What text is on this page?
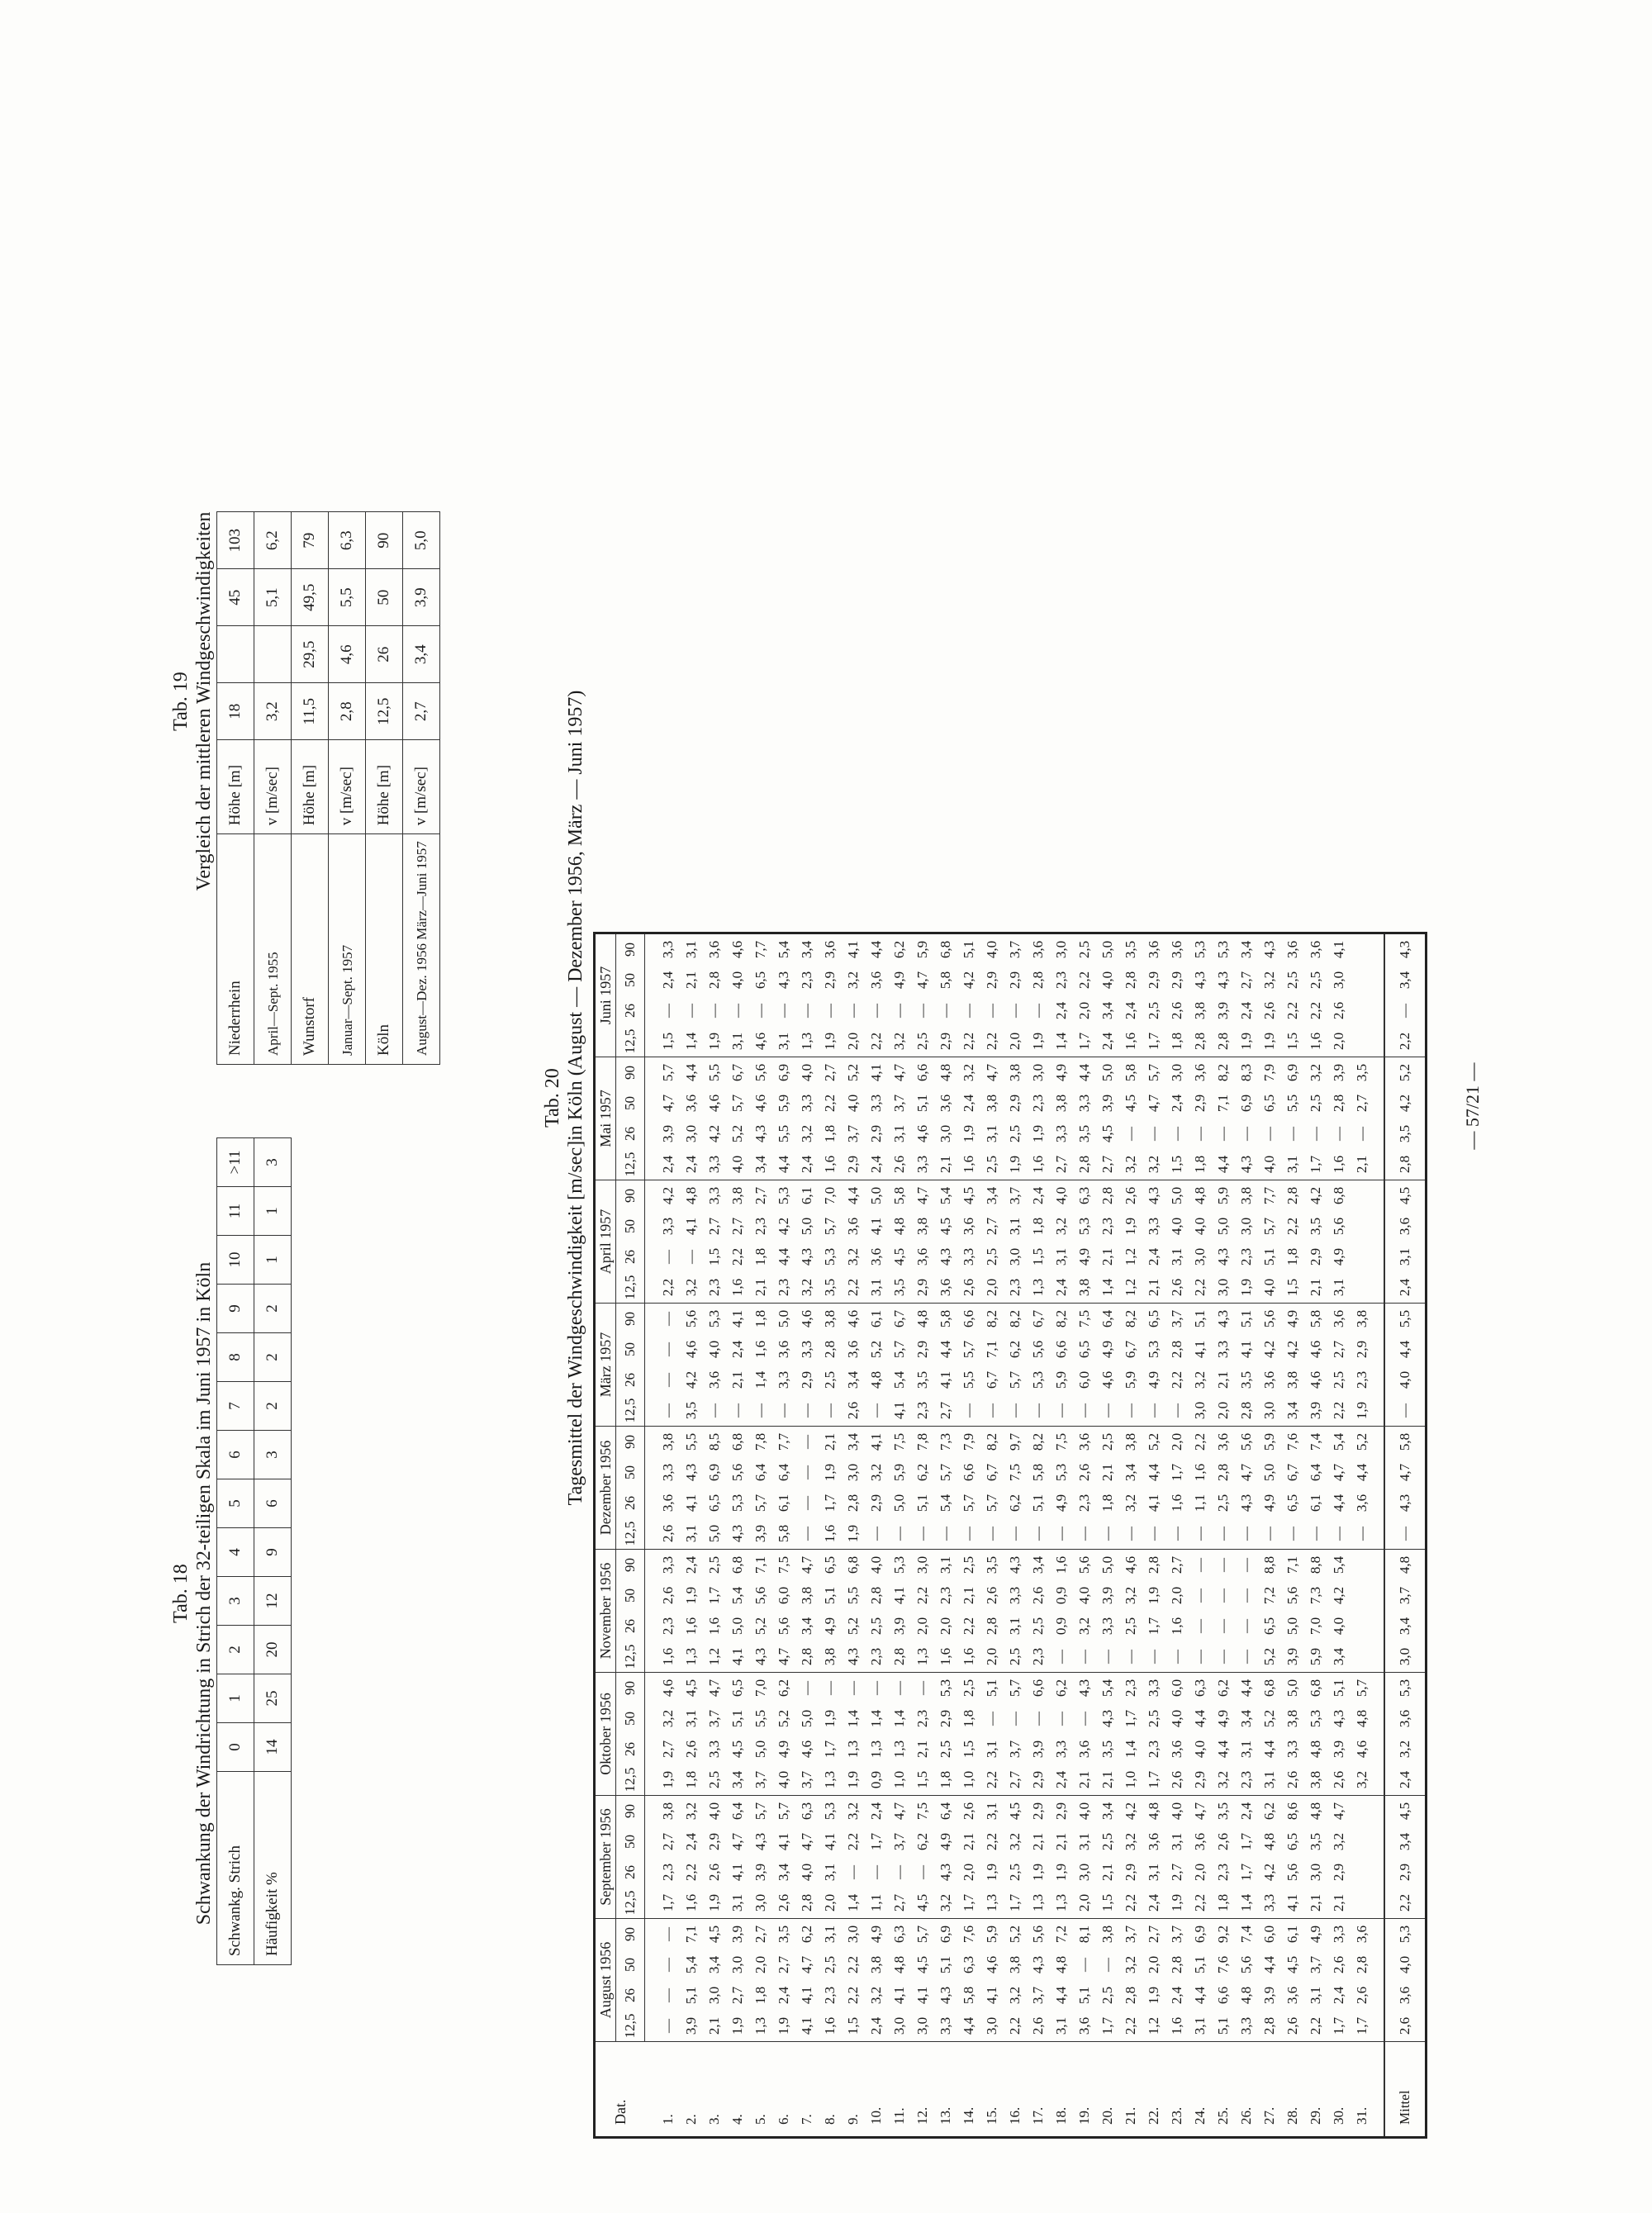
— 57/21 —
Tab. 18 Schwankung der Windrichtung in Strich der 32-teiligen Skala im Juni 1957 in Köln Schwankg. Strich	0	1	2	3	4	5	6	7	8	9	10	11	>11
Häufigkeit %	14	25	20	12	9	6	3	2	2	2	1	1	3
Tab. 19 Vergleich der mittleren Windgeschwindigkeiten
Niederrhein	Höhe [m]	18		45	103
April—Sept. 1955	v [m/sec]	3,2		5,1	6,2
Wunstorf	Höhe [m]	11,5	29,5	49,5	79
Januar—Sept. 1957	v [m/sec]	2,8	4,6	5,5	6,3
Köln	Höhe [m]	12,5	26	50	90
August—Dez. 1956 März—Juni 1957	v [m/sec]	2,7	3,4	3,9	5,0
Tab. 20 Tagesmittel der Windgeschwindigkeit [m/sec]in Köln (August — Dezember 1956, März — Juni 1957)
Dat.	August 1956				September 1956				Oktober 1956				November 1956				Dezember 1956				März 1957				April 1957				Mai 1957				Juni 1957			
	12,5	26	50	90	12,5	26	50	90	12,5	26	50	90	12,5	26	50	90	12,5	26	50	90	12,5	26	50	90	12,5	26	50	90	12,5	26	50	90	12,5	26	50	90
1.	—	—	—	—	1,7	2,3	2,7	3,8	1,9	2,7	3,2	4,6	1,6	2,3	2,6	3,3	2,6	3,6	3,3	3,8	—	—	—	—	2,2	—	3,3	4,2	2,4	3,9	4,7	5,7	1,5	—	2,4	3,3
2.	3,9	5,1	5,4	7,1	1,6	2,2	2,4	3,2	1,8	2,6	3,1	4,5	1,3	1,6	1,9	2,4	3,1	4,1	4,3	5,5	3,5	4,2	4,6	5,6	3,2	—	4,1	4,8	2,4	3,0	3,6	4,4	1,4	—	2,1	3,1
3.	2,1	3,0	3,4	4,5	1,9	2,6	2,9	4,0	2,5	3,3	3,7	4,7	1,2	1,6	1,7	2,5	5,0	6,5	6,9	8,5	—	3,6	4,0	5,3	2,3	1,5	2,7	3,3	3,3	4,2	4,6	5,5	1,9	—	2,8	3,6
4.	1,9	2,7	3,0	3,9	3,1	4,1	4,7	6,4	3,4	4,5	5,1	6,5	4,1	5,0	5,4	6,8	4,3	5,3	5,6	6,8	—	2,1	2,4	4,1	1,6	2,2	2,7	3,8	4,0	5,2	5,7	6,7	3,1	—	4,0	4,6
5.	1,3	1,8	2,0	2,7	3,0	3,9	4,3	5,7	3,7	5,0	5,5	7,0	4,3	5,2	5,6	7,1	3,9	5,7	6,4	7,8	—	1,4	1,6	1,8	2,1	1,8	2,3	2,7	3,4	4,3	4,6	5,6	4,6	—	6,5	7,7
6.	1,9	2,4	2,7	3,5	2,6	3,4	4,1	5,7	4,0	4,9	5,2	6,2	4,7	5,6	6,0	7,5	5,8	6,1	6,4	7,7	—	3,3	3,6	5,0	2,3	4,4	4,2	5,3	4,4	5,5	5,9	6,9	3,1	—	4,3	5,4
7.	4,1	4,1	4,7	6,2	2,8	4,0	4,7	6,3	3,7	4,6	5,0	—	2,8	3,4	3,8	4,7	—	—	—	—	—	2,9	3,3	4,6	3,2	4,3	5,0	6,1	2,4	3,2	3,3	4,0	1,3	—	2,3	3,4
8.	1,6	2,3	2,5	3,1	2,0	3,1	4,1	5,3	1,3	1,7	1,9	—	3,8	4,9	5,1	6,5	1,6	1,7	1,9	2,1	—	2,5	2,8	3,8	3,5	5,3	5,7	7,0	1,6	1,8	2,2	2,7	1,9	—	2,9	3,6
9.	1,5	2,2	2,2	3,0	1,4	—	2,2	3,2	1,9	1,3	1,4	—	4,3	5,2	5,5	6,8	1,9	2,8	3,0	3,4	2,6	3,4	3,6	4,6	2,2	3,2	3,6	4,4	2,9	3,7	4,0	5,2	2,0	—	3,2	4,1
10.	2,4	3,2	3,8	4,9	1,1	—	1,7	2,4	0,9	1,3	1,4	—	2,3	2,5	2,8	4,0	—	2,9	3,2	4,1	—	4,8	5,2	6,1	3,1	3,6	4,1	5,0	2,4	2,9	3,3	4,1	2,2	—	3,6	4,4
11.	3,0	4,1	4,8	6,3	2,7	—	3,7	4,7	1,0	1,3	1,4	—	2,8	3,9	4,1	5,3	—	5,0	5,9	7,5	4,1	5,4	5,7	6,7	3,5	4,5	4,8	5,8	2,6	3,1	3,7	4,7	3,2	—	4,9	6,2
12.	3,0	4,1	4,5	5,7	4,5	—	6,2	7,5	1,5	2,1	2,3	—	1,3	2,0	2,2	3,0	—	5,1	6,2	7,8	2,3	3,5	2,9	4,8	2,9	3,6	3,8	4,7	3,3	4,6	5,1	6,6	2,5	—	4,7	5,9
13.	3,3	4,3	5,1	6,9	3,2	4,3	4,9	6,4	1,8	2,5	2,9	5,3	1,6	2,0	2,3	3,1	—	5,4	5,7	7,3	2,7	4,1	4,4	5,8	3,6	4,3	4,5	5,4	2,1	3,0	3,6	4,8	2,9	—	5,8	6,8
14.	4,4	5,8	6,3	7,6	1,7	2,0	2,1	2,6	1,0	1,5	1,8	2,5	1,6	2,2	2,1	2,5	—	5,7	6,6	7,9	—	5,5	5,7	6,6	2,6	3,3	3,6	4,5	1,6	1,9	2,4	3,2	2,2	—	4,2	5,1
15.	3,0	4,1	4,6	5,9	1,3	1,9	2,2	3,1	2,2	3,1	—	5,1	2,0	2,8	2,6	3,5	—	5,7	6,7	8,2	—	6,7	7,1	8,2	2,0	2,5	2,7	3,4	2,5	3,1	3,8	4,7	2,2	—	2,9	4,0
16.	2,2	3,2	3,8	5,2	1,7	2,5	3,2	4,5	2,7	3,7	—	5,7	2,5	3,1	3,3	4,3	—	6,2	7,5	9,7	—	5,7	6,2	8,2	2,3	3,0	3,1	3,7	1,9	2,5	2,9	3,8	2,0	—	2,9	3,7
17.	2,6	3,7	4,3	5,6	1,3	1,9	2,1	2,9	2,9	3,9	—	6,6	2,3	2,5	2,6	3,4	—	5,1	5,8	8,2	—	5,3	5,6	6,7	1,3	1,5	1,8	2,4	1,6	1,9	2,3	3,0	1,9	—	2,8	3,6
18.	3,1	4,4	4,8	7,2	1,3	1,9	2,1	2,9	2,4	3,3	—	6,2	—	0,9	0,9	1,6	—	4,9	5,3	7,5	—	5,9	6,6	8,2	2,4	3,1	3,2	4,0	2,7	3,3	3,8	4,9	1,4	2,4	2,3	3,0
19.	3,6	5,1	—	8,1	2,0	3,0	3,1	4,0	2,1	3,6	—	4,3	—	3,2	4,0	5,6	—	2,3	2,6	3,6	—	6,0	6,5	7,5	3,8	4,9	5,3	6,3	2,8	3,5	3,3	4,4	1,7	2,0	2,2	2,5
20.	1,7	2,5	—	3,8	1,5	2,1	2,5	3,4	2,1	3,5	4,3	5,4	—	3,3	3,9	5,0	—	1,8	2,1	2,5	—	4,6	4,9	6,4	1,4	2,1	2,3	2,8	2,7	4,5	3,9	5,0	2,4	3,4	4,0	5,0
21.	2,2	2,8	3,2	3,7	2,2	2,9	3,2	4,2	1,0	1,4	1,7	2,3	—	2,5	3,2	4,6	—	3,2	3,4	3,8	—	5,9	6,7	8,2	1,2	1,2	1,9	2,6	3,2	—	4,5	5,8	1,6	2,4	2,8	3,5
22.	1,2	1,9	2,0	2,7	2,4	3,1	3,6	4,8	1,7	2,3	2,5	3,3	—	1,7	1,9	2,8	—	4,1	4,4	5,2	—	4,9	5,3	6,5	2,1	2,4	3,3	4,3	3,2	—	4,7	5,7	1,7	2,5	2,9	3,6
23.	1,6	2,4	2,8	3,7	1,9	2,7	3,1	4,0	2,6	3,6	4,0	6,0	—	1,6	2,0	2,7	—	1,6	1,7	2,0	—	2,2	2,8	3,7	2,6	3,1	4,0	5,0	1,5	—	2,4	3,0	1,8	2,6	2,9	3,6
24.	3,1	4,4	5,1	6,9	2,2	2,0	3,6	4,7	2,9	4,0	4,4	6,3	—	—	—	—	—	1,1	1,6	2,2	3,0	3,2	4,1	5,1	2,2	3,0	4,0	4,8	1,8	—	2,9	3,6	2,8	3,8	4,3	5,3
25.	5,1	6,6	7,6	9,2	1,8	2,3	2,6	3,5	3,2	4,4	4,9	6,2	—	—	—	—	—	2,5	2,8	3,6	2,0	2,1	3,3	4,3	3,0	4,3	5,0	5,9	4,4	—	7,1	8,2	2,8	3,9	4,3	5,3
26.	3,3	4,8	5,6	7,4	1,4	1,7	1,7	2,4	2,3	3,1	3,4	4,4	—	—	—	—	—	4,3	4,7	5,6	2,8	3,5	4,1	5,1	1,9	2,3	3,0	3,8	4,3	—	6,9	8,3	1,9	2,4	2,7	3,4
27.	2,8	3,9	4,4	6,0	3,3	4,2	4,8	6,2	3,1	4,4	5,2	6,8	5,2	6,5	7,2	8,8	—	4,9	5,0	5,9	3,0	3,6	4,2	5,6	4,0	5,1	5,7	7,7	4,0	—	6,5	7,9	1,9	2,6	3,2	4,3
28.	2,6	3,6	4,5	6,1	4,1	5,6	6,5	8,6	2,6	3,3	3,8	5,0	3,9	5,0	5,6	7,1	—	6,5	6,7	7,6	3,4	3,8	4,2	4,9	1,5	1,8	2,2	2,8	3,1	—	5,5	6,9	1,5	2,2	2,5	3,6
29.	2,2	3,1	3,7	4,9	2,1	3,0	3,5	4,8	3,8	4,8	5,3	6,8	5,9	7,0	7,3	8,8	—	6,1	6,4	7,4	3,9	4,6	4,6	5,8	2,1	2,9	3,5	4,2	1,7	—	2,5	3,2	1,6	2,2	2,5	3,6
30.	1,7	2,4	2,6	3,3	2,1	2,9	3,2	4,7	2,6	3,9	4,3	5,1	3,4	4,0	4,2	5,4	—	4,4	4,7	5,4	2,2	2,5	2,7	3,6	3,1	4,9	5,6	6,8	1,6	—	2,8	3,9	2,0	2,6	3,0	4,1
31.	1,7	2,6	2,8	3,6					3,2	4,6	4,8	5,7					—	3,6	4,4	5,2	1,9	2,3	2,9	3,8					2,1	—	2,7	3,5				
Mittel	2,6	3,6	4,0	5,3	2,2	2,9	3,4	4,5	2,4	3,2	3,6	5,3	3,0	3,4	3,7	4,8	—	4,3	4,7	5,8	—	4,0	4,4	5,5	2,4	3,1	3,6	4,5	2,8	3,5	4,2	5,2	2,2	—	3,4	4,3
